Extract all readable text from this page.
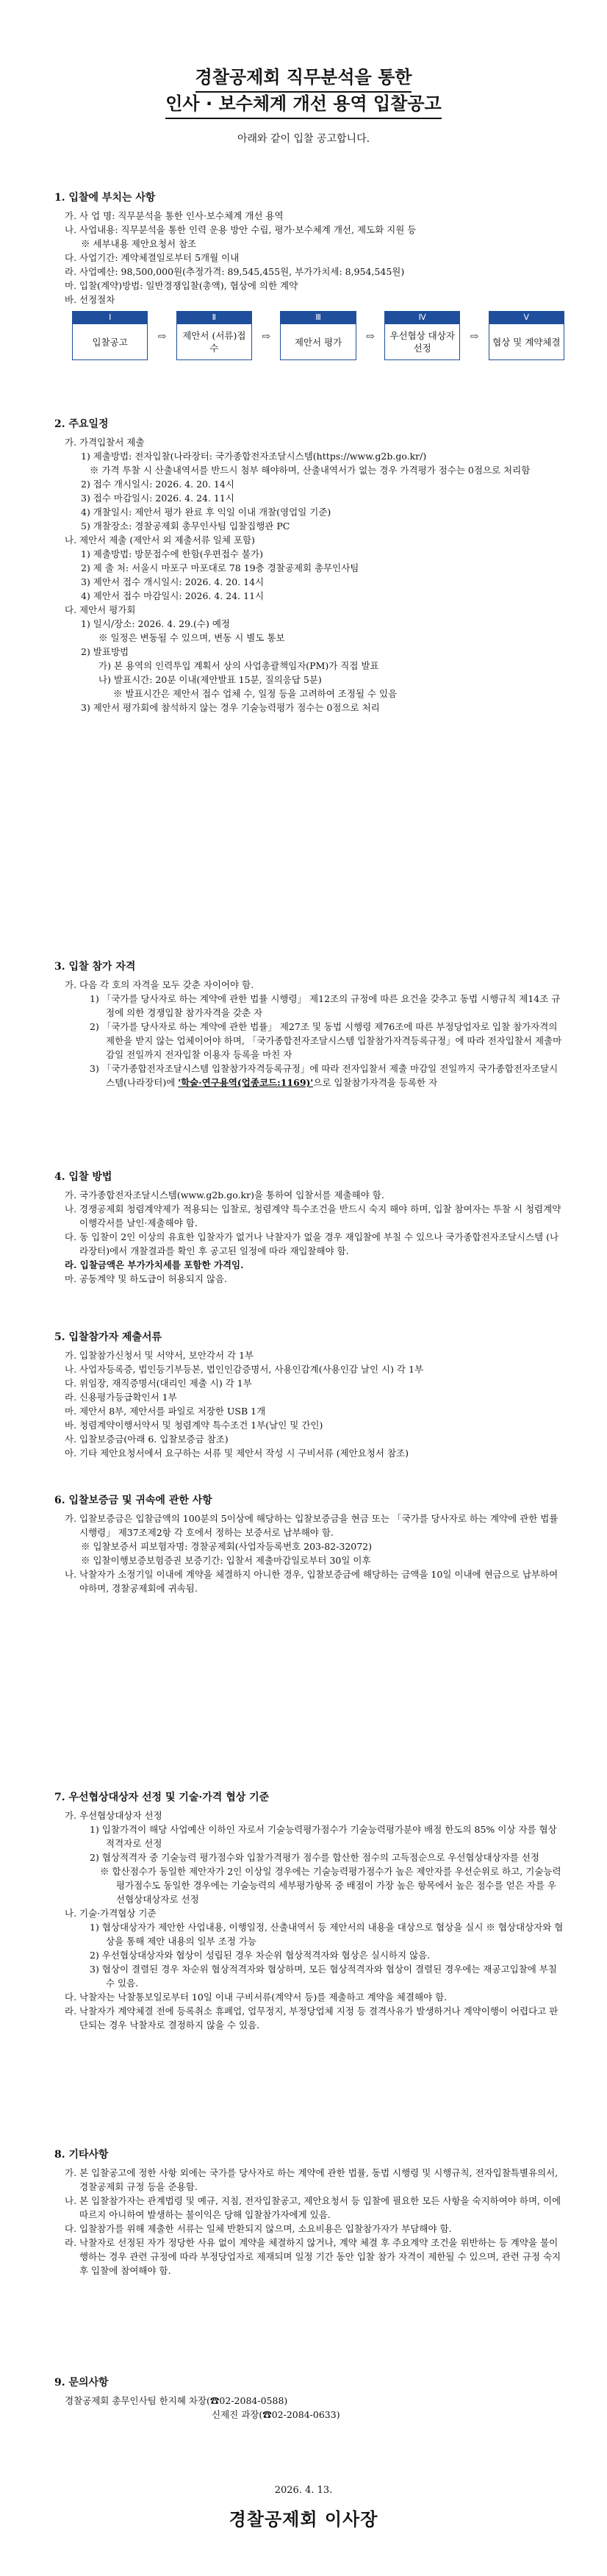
경찰공제회 직무분석을 통한
인사 · 보수체계 개선 용역 입찰공고
아래와 같이 입찰 공고합니다.
1. 입찰에 부치는 사항
가. 사 업 명: 직무분석을 통한 인사·보수체계 개선 용역
나. 사업내용: 직무분석을 통한 인력 운용 방안 수립, 평가·보수체계 개선, 제도화 지원 등
※ 세부내용 제안요청서 참조
다. 사업기간: 계약체결일로부터 5개월 이내
라. 사업예산: 98,500,000원(추정가격: 89,545,455원, 부가가치세: 8,954,545원)
마. 입찰(계약)방법: 일반경쟁입찰(총액), 협상에 의한 계약
바. 선정절차
Ⅰ
입찰공고	⇨
Ⅱ
제안서 (서류)접수
⇨
Ⅲ
제안서 평가	⇨
Ⅳ
우선협상 대상자 선정
⇨
Ⅴ
협상 및 계약체결
2. 주요일정
가. 가격입찰서 제출
1) 제출방법: 전자입찰(나라장터: 국가종합전자조달시스템(https://www.g2b.go.kr/)
※ 가격 투찰 시 산출내역서를 반드시 첨부 해야하며, 산출내역서가 없는 경우 가격평가 점수는 0점으로 처리함
2) 접수 개시일시: 2026. 4. 20. 14시
3) 접수 마감일시: 2026. 4. 24. 11시
4) 개찰일시: 제안서 평가 완료 후 익일 이내 개찰(영업일 기준)
5) 개찰장소: 경찰공제회 총무인사팀 입찰집행관 PC
나. 제안서 제출 (제안서 외 제출서류 일체 포함)
1) 제출방법: 방문접수에 한함(우편접수 불가)
2) 제 출 처: 서울시 마포구 마포대로 78 19층 경찰공제회 총무인사팀
3) 제안서 접수 개시일시: 2026. 4. 20. 14시
4) 제안서 접수 마감일시: 2026. 4. 24. 11시
다. 제안서 평가회
1) 일시/장소: 2026. 4. 29.(수) 예정
※ 일정은 변동될 수 있으며, 변동 시 별도 통보
2) 발표방법
가) 본 용역의 인력투입 계획서 상의 사업총괄책임자(PM)가 직접 발표
나) 발표시간: 20분 이내(제안발표 15분, 질의응답 5분)
※ 발표시간은 제안서 접수 업체 수, 일정 등을 고려하여 조정될 수 있음
3) 제안서 평가회에 참석하지 않는 경우 기술능력평가 점수는 0점으로 처리
3. 입찰 참가 자격
가. 다음 각 호의 자격을 모두 갖춘 자이어야 함.
1) 「국가를 당사자로 하는 계약에 관한 법률 시행령」 제12조의 규정에 따른 요건을 갖추고 동법 시행규칙 제14조 규정에 의한 경쟁입찰 참가자격을 갖춘 자
2) 「국가를 당사자로 하는 계약에 관한 법률」 제27조 및 동법 시행령 제76조에 따른 부정당업자로 입찰 참가자격의 제한을 받지 않는 업체이어야 하며, 「국가종합전자조달시스템 입찰참가자격등록규정」에 따라 전자입찰서 제출마감일 전일까지 전자입찰 이용자 등록을 마친 자
3) 「국가종합전자조달시스템 입찰참가자격등록규정」에 따라 전자입찰서 제출 마감일 전일까지 국가종합전자조달시스템(나라장터)에 '학술·연구용역(업종코드:1169)'으로 입찰참가자격을 등록한 자
4. 입찰 방법
가. 국가종합전자조달시스템(www.g2b.go.kr)을 통하여 입찰서를 제출해야 함.
나. 경쟁공제회 청렴계약제가 적용되는 입찰로, 청렴계약 특수조건을 반드시 숙지 해야 하며, 입찰 참여자는 투찰 시 청렴계약이행각서를 날인·제출해야 함.
다. 동 입찰이 2인 이상의 유효한 입찰자가 없거나 낙찰자가 없을 경우 재입찰에 부칠 수 있으나 국가종합전자조달시스템 (나라장터)에서 개찰결과를 확인 후 공고된 일정에 따라 재입찰해야 함.
라. 입찰금액은 부가가치세를 포함한 가격임.
마. 공동계약 및 하도급이 허용되지 않음.
5. 입찰참가자 제출서류
가. 입찰참가신청서 및 서약서, 보안각서 각 1부
나. 사업자등록증, 법인등기부등본, 법인인감증명서, 사용인감계(사용인감 날인 시) 각 1부
다. 위임장, 재직증명서(대리인 제출 시) 각 1부
라. 신용평가등급확인서 1부
마. 제안서 8부, 제안서를 파일로 저장한 USB 1개
바. 청렴계약이행서약서 및 청렴계약 특수조건 1부(날인 및 간인)
사. 입찰보증금(아래 6. 입찰보증금 참조)
아. 기타 제안요청서에서 요구하는 서류 및 제안서 작성 시 구비서류 (제안요청서 참조)
6. 입찰보증금 및 귀속에 관한 사항
가. 입찰보증금은 입찰금액의 100분의 5이상에 해당하는 입찰보증금을 현금 또는 「국가를 당사자로 하는 계약에 관한 법률 시행령」 제37조제2항 각 호에서 정하는 보증서로 납부해야 함.
※ 입찰보증서 피보험자명: 경찰공제회(사업자등록번호 203-82-32072)
※ 입찰이행보증보험증권 보증기간: 입찰서 제출마감일로부터 30일 이후
나. 낙찰자가 소정기일 이내에 계약을 체결하지 아니한 경우, 입찰보증금에 해당하는 금액을 10일 이내에 현금으로 납부하여야하며, 경찰공제회에 귀속됨.
7. 우선협상대상자 선정 및 기술·가격 협상 기준
가. 우선협상대상자 선정
1) 입찰가격이 해당 사업예산 이하인 자로서 기술능력평가점수가 기술능력평가분야 배점 한도의 85% 이상 자를 협상적격자로 선정
2) 협상적격자 중 기술능력 평가점수와 입찰가격평가 점수를 합산한 점수의 고득점순으로 우선협상대상자를 선정
※ 합산점수가 동일한 제안자가 2인 이상일 경우에는 기술능력평가점수가 높은 제안자를 우선순위로 하고, 기술능력평가점수도 동일한 경우에는 기술능력의 세부평가항목 중 배점이 가장 높은 항목에서 높은 점수를 얻은 자를 우선협상대상자로 선정
나. 기술·가격협상 기준
1) 협상대상자가 제안한 사업내용, 이행일정, 산출내역서 등 제안서의 내용을 대상으로 협상을 실시 ※ 협상대상자와 협상을 통해 제안 내용의 일부 조정 가능
2) 우선협상대상자와 협상이 성립된 경우 차순위 협상적격자와 협상은 실시하지 않음.
3) 협상이 결렬된 경우 차순위 협상적격자와 협상하며, 모든 협상적격자와 협상이 결렬된 경우에는 재공고입찰에 부칠 수 있음.
다. 낙찰자는 낙찰통보일로부터 10일 이내 구비서류(계약서 등)를 제출하고 계약을 체결해야 함.
라. 낙찰자가 계약체결 전에 등록취소 휴폐업, 업무정지, 부정당업체 지정 등 결격사유가 발생하거나 계약이행이 어렵다고 판단되는 경우 낙찰자로 결정하지 않을 수 있음.
8. 기타사항
가. 본 입찰공고에 정한 사항 외에는 국가를 당사자로 하는 계약에 관한 법률, 동법 시행령 및 시행규칙, 전자입찰특별유의서, 경찰공제회 규정 등을 준용함.
나. 본 입찰참가자는 관계법령 및 예규, 지침, 전자입찰공고, 제안요청서 등 입찰에 필요한 모든 사항을 숙지하여야 하며, 이에 따르지 아니하여 발생하는 불이익은 당해 입찰참가자에게 있음.
다. 입찰참가를 위해 제출한 서류는 일체 반환되지 않으며, 소요비용은 입찰참가자가 부담해야 함.
라. 낙찰자로 선정된 자가 정당한 사유 없이 계약을 체결하지 않거나, 계약 체결 후 주요계약 조건을 위반하는 등 계약을 불이행하는 경우 관련 규정에 따라 부정당업자로 제재되며 일정 기간 동안 입찰 참가 자격이 제한될 수 있으며, 관련 규정 숙지 후 입찰에 참여해야 함.
9. 문의사항
경찰공제회 총무인사팀 한지혜 차장(☎02-2084-0588)
신제진 과장(☎02-2084-0633)
2026. 4. 13.
경찰공제회 이사장
